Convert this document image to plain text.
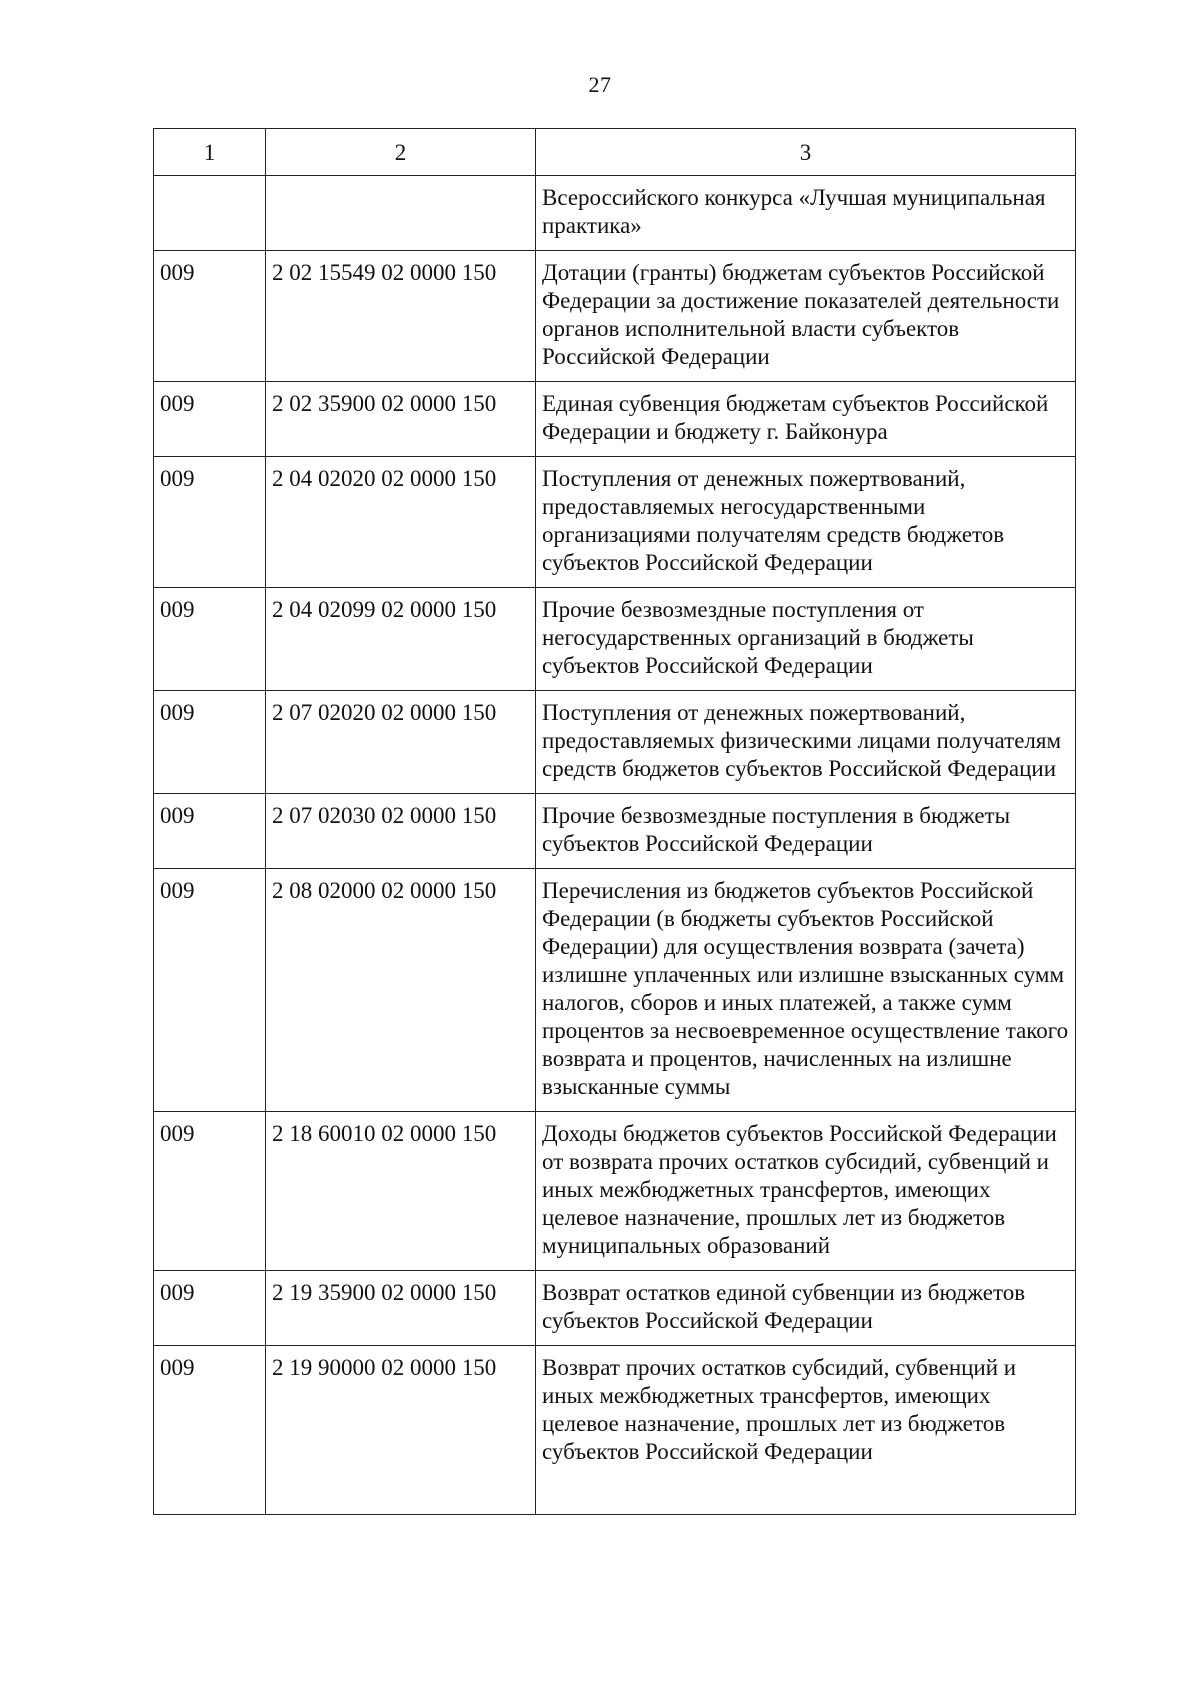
27
1	2	3
		Всероссийского конкурса «Лучшая муниципальная практика»
009	2 02 15549 02 0000 150	Дотации (гранты) бюджетам субъектов Российской Федерации за достижение показателей деятельности органов исполнительной власти субъектов Российской Федерации
009	2 02 35900 02 0000 150	Единая субвенция бюджетам субъектов Российской Федерации и бюджету г. Байконура
009	2 04 02020 02 0000 150	Поступления от денежных пожертвований, предоставляемых негосударственными организациями получателям средств бюджетов субъектов Российской Федерации
009	2 04 02099 02 0000 150	Прочие безвозмездные поступления от негосударственных организаций в бюджеты субъектов Российской Федерации
009	2 07 02020 02 0000 150	Поступления от денежных пожертвований, предоставляемых физическими лицами получателям средств бюджетов субъектов Российской Федерации
009	2 07 02030 02 0000 150	Прочие безвозмездные поступления в бюджеты субъектов Российской Федерации
009	2 08 02000 02 0000 150	Перечисления из бюджетов субъектов Российской Федерации (в бюджеты субъектов Российской Федерации) для осуществления возврата (зачета) излишне уплаченных или излишне взысканных сумм налогов, сборов и иных платежей, а также сумм процентов за несвоевременное осуществление такого возврата и процентов, начисленных на излишне взысканные суммы
009	2 18 60010 02 0000 150	Доходы бюджетов субъектов Российской Федерации от возврата прочих остатков субсидий, субвенций и иных межбюджетных трансфертов, имеющих целевое назначение, прошлых лет из бюджетов муниципальных образований
009	2 19 35900 02 0000 150	Возврат остатков единой субвенции из бюджетов субъектов Российской Федерации
009	2 19 90000 02 0000 150	Возврат прочих остатков субсидий, субвенций и иных межбюджетных трансфертов, имеющих целевое назначение, прошлых лет из бюджетов субъектов Российской Федерации
